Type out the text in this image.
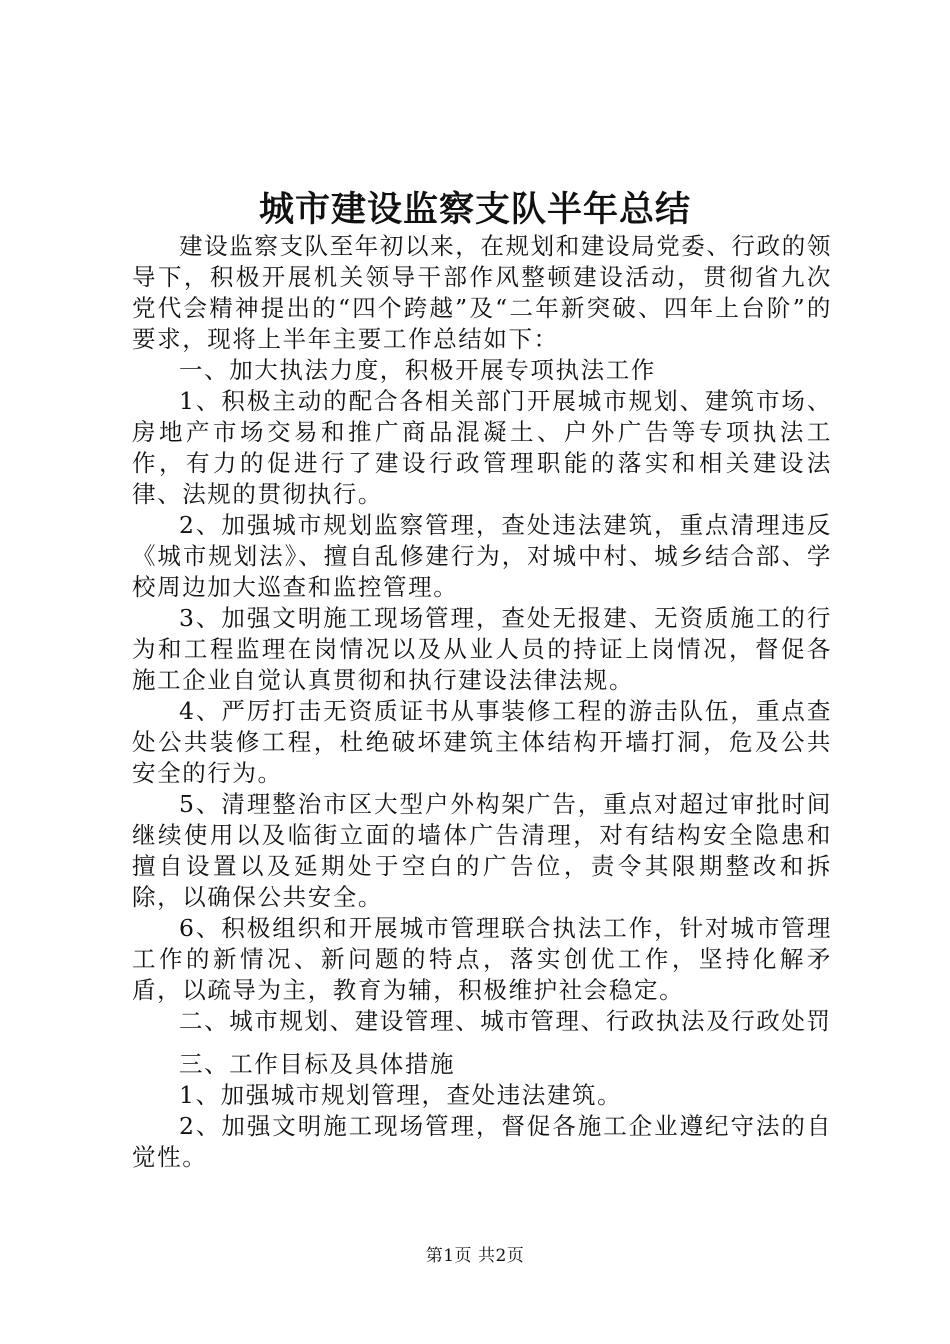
城市建设监察支队半年总结

建设监察支队至年初以来，在规划和建设局党委、行政的领导下，积极开展机关领导干部作风整顿建设活动，贯彻省九次党代会精神提出的“四个跨越”及“二年新突破、四年上台阶”的要求，现将上半年主要工作总结如下：

一、加大执法力度，积极开展专项执法工作

1、积极主动的配合各相关部门开展城市规划、建筑市场、房地产市场交易和推广商品混凝土、户外广告等专项执法工作，有力的促进行了建设行政管理职能的落实和相关建设法律、法规的贯彻执行。

2、加强城市规划监察管理，查处违法建筑，重点清理违反《城市规划法》、擅自乱修建行为，对城中村、城乡结合部、学校周边加大巡查和监控管理。

3、加强文明施工现场管理，查处无报建、无资质施工的行为和工程监理在岗情况以及从业人员的持证上岗情况，督促各施工企业自觉认真贯彻和执行建设法律法规。

4、严厉打击无资质证书从事装修工程的游击队伍，重点查处公共装修工程，杜绝破坏建筑主体结构开墙打洞，危及公共安全的行为。

5、清理整治市区大型户外构架广告，重点对超过审批时间继续使用以及临街立面的墙体广告清理，对有结构安全隐患和擅自设置以及延期处于空白的广告位，责令其限期整改和拆除，以确保公共安全。

6、积极组织和开展城市管理联合执法工作，针对城市管理工作的新情况、新问题的特点，落实创优工作，坚持化解矛盾，以疏导为主，教育为辅，积极维护社会稳定。

二、城市规划、建设管理、城市管理、行政执法及行政处罚

三、工作目标及具体措施

1、加强城市规划管理，查处违法建筑。

2、加强文明施工现场管理，督促各施工企业遵纪守法的自觉性。

第1页 共2页
